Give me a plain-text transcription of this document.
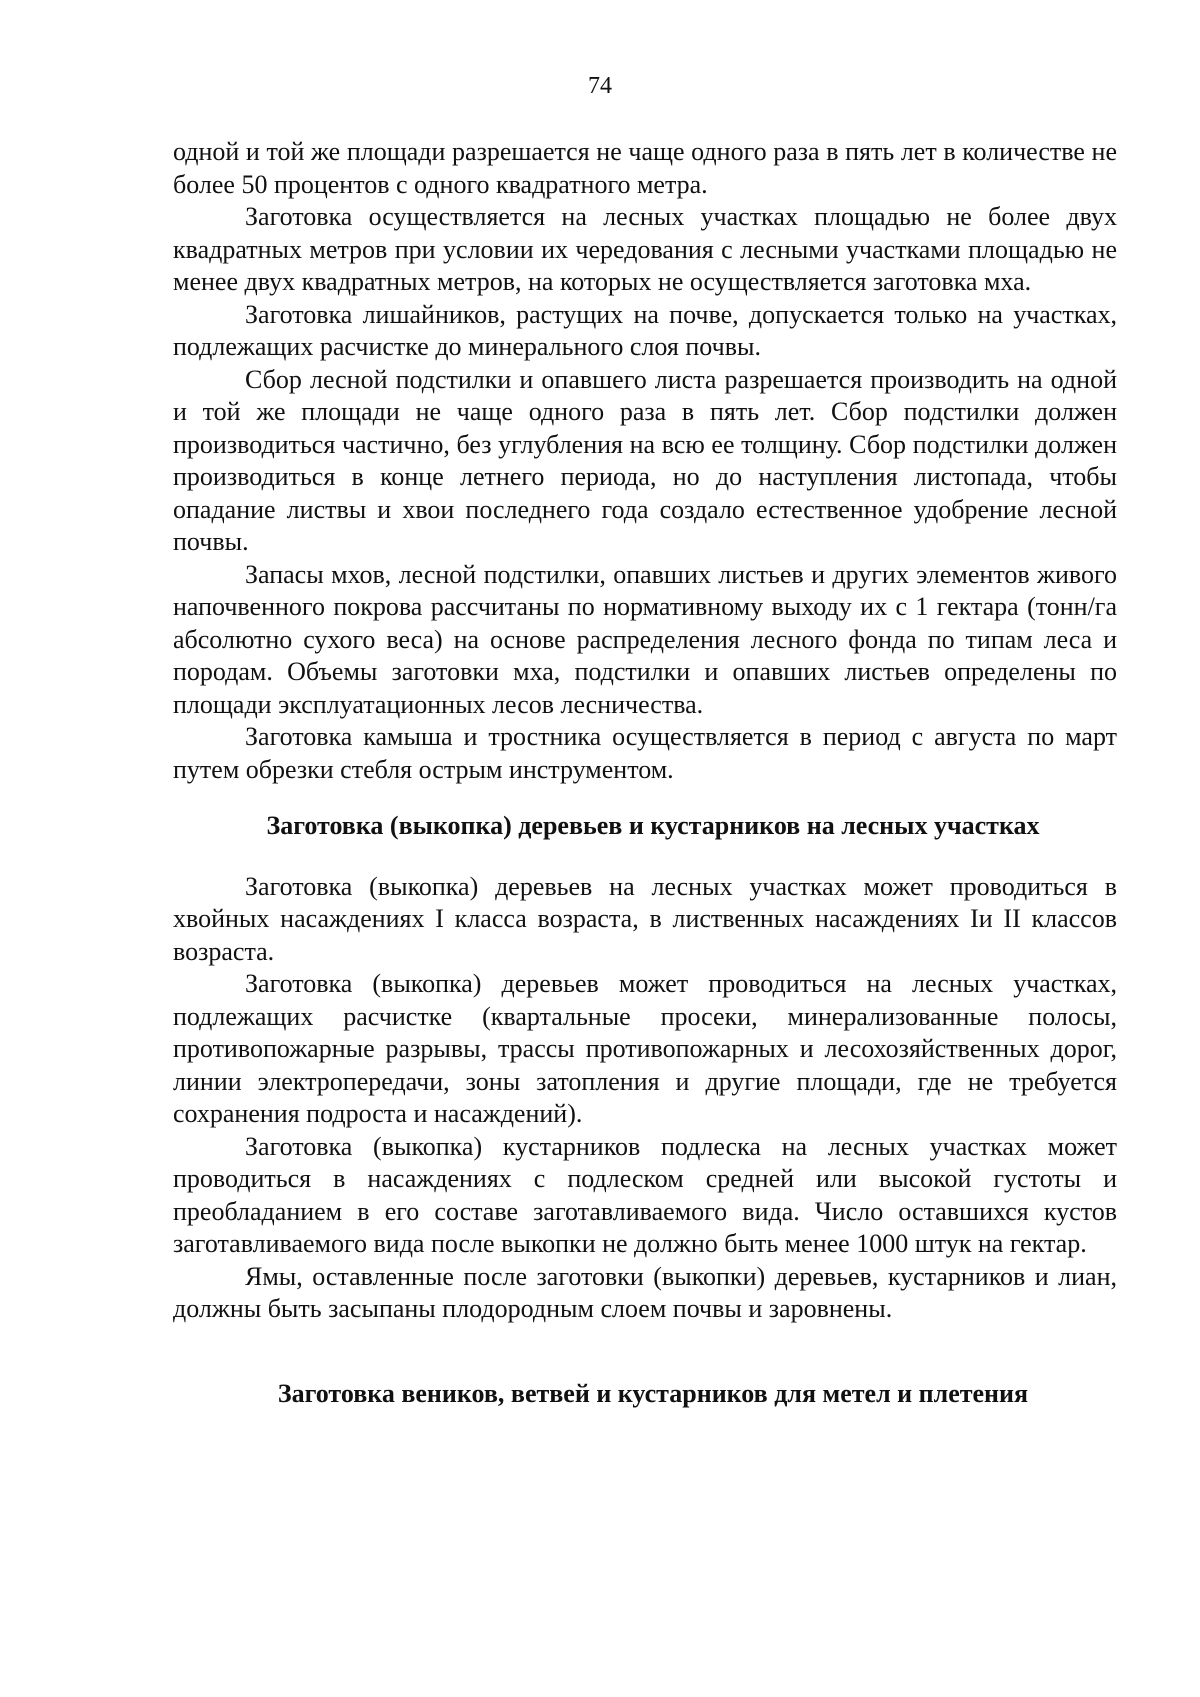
74

одной и той же площади разрешается не чаще одного раза в пять лет в количестве не более 50 процентов с одного квадратного метра.

Заготовка осуществляется на лесных участках площадью не более двух квадратных метров при условии их чередования с лесными участками площадью не менее двух квадратных метров, на которых не осуществляется заготовка мха.

Заготовка лишайников, растущих на почве, допускается только на участках, подлежащих расчистке до минерального слоя почвы.

Сбор лесной подстилки и опавшего листа разрешается производить на одной и той же площади не чаще одного раза в пять лет. Сбор подстилки должен производиться частично, без углубления на всю ее толщину. Сбор подстилки должен производиться в конце летнего периода, но до наступления листопада, чтобы опадание листвы и хвои последнего года создало естественное удобрение лесной почвы.

Запасы мхов, лесной подстилки, опавших листьев и других элементов живого напочвенного покрова рассчитаны по нормативному выходу их с 1 гектара (тонн/га абсолютно сухого веса) на основе распределения лесного фонда по типам леса и породам. Объемы заготовки мха, подстилки и опавших листьев определены по площади эксплуатационных лесов лесничества.

Заготовка камыша и тростника осуществляется в период с августа по март путем обрезки стебля острым инструментом.

Заготовка (выкопка) деревьев и кустарников на лесных участках

Заготовка (выкопка) деревьев на лесных участках может проводиться в хвойных насаждениях I класса возраста, в лиственных насаждениях Iи II классов возраста.

Заготовка (выкопка) деревьев может проводиться на лесных участках, подлежащих расчистке (квартальные просеки, минерализованные полосы, противопожарные разрывы, трассы противопожарных и лесохозяйственных дорог, линии электропередачи, зоны затопления и другие площади, где не требуется сохранения подроста и насаждений).

Заготовка (выкопка) кустарников подлеска на лесных участках может проводиться в насаждениях с подлеском средней или высокой густоты и преобладанием в его составе заготавливаемого вида. Число оставшихся кустов заготавливаемого вида после выкопки не должно быть менее 1000 штук на гектар.

Ямы, оставленные после заготовки (выкопки) деревьев, кустарников и лиан, должны быть засыпаны плодородным слоем почвы и заровнены.

Заготовка веников, ветвей и кустарников для метел и плетения
